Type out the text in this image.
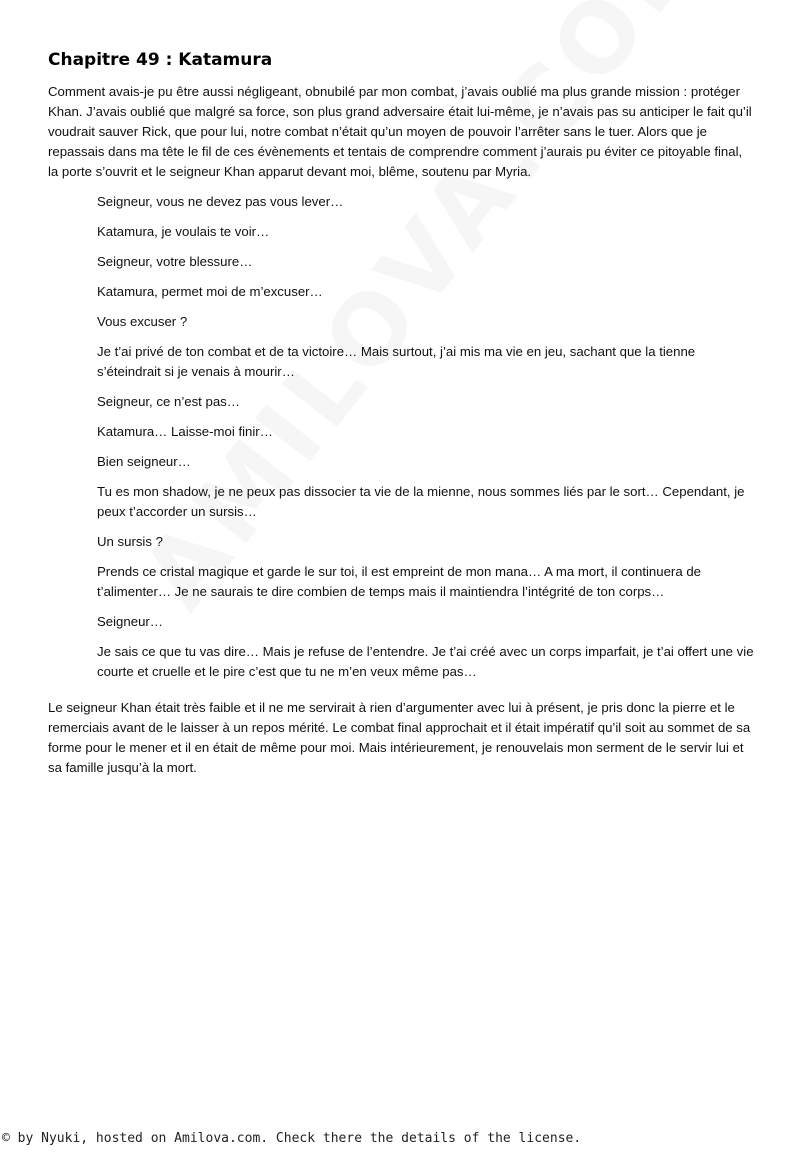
Chapitre 49 : Katamura

Comment avais-je pu être aussi négligeant, obnubilé par mon combat, j’avais oublié ma plus grande mission : protéger Khan. J’avais oublié que malgré sa force, son plus grand adversaire était lui-même, je n’avais pas su anticiper le fait qu’il voudrait sauver Rick, que pour lui, notre combat n’était qu’un moyen de pouvoir l’arrêter sans le tuer. Alors que je repassais dans ma tête le fil de ces évènements et tentais de comprendre comment j’aurais pu éviter ce pitoyable final, la porte s’ouvrit et le seigneur Khan apparut devant moi, blême, soutenu par Myria.

Seigneur, vous ne devez pas vous lever…

Katamura, je voulais te voir…

Seigneur, votre blessure…

Katamura, permet moi de m’excuser…

Vous excuser ?

Je t’ai privé de ton combat et de ta victoire… Mais surtout, j’ai mis ma vie en jeu, sachant que la tienne s’éteindrait si je venais à mourir…

Seigneur, ce n’est pas…

Katamura… Laisse-moi finir…

Bien seigneur…

Tu es mon shadow, je ne peux pas dissocier ta vie de la mienne, nous sommes liés par le sort… Cependant, je peux t’accorder un sursis…

Un sursis ?

Prends ce cristal magique et garde le sur toi, il est empreint de mon mana… A ma mort, il continuera de t’alimenter… Je ne saurais te dire combien de temps mais il maintiendra l’intégrité de ton corps…

Seigneur…

Je sais ce que tu vas dire… Mais je refuse de l’entendre. Je t’ai créé avec un corps imparfait, je t’ai offert une vie courte et cruelle et le pire c’est que tu ne m’en veux même pas…

Le seigneur Khan était très faible et il ne me servirait à rien d’argumenter avec lui à présent, je pris donc la pierre et le remerciais avant de le laisser à un repos mérité. Le combat final approchait et il était impératif qu’il soit au sommet de sa forme pour le mener et il en était de même pour moi. Mais intérieurement, je renouvelais mon serment de le servir lui et sa famille jusqu’à la mort.

© by Nyuki, hosted on Amilova.com. Check there the details of the license.
